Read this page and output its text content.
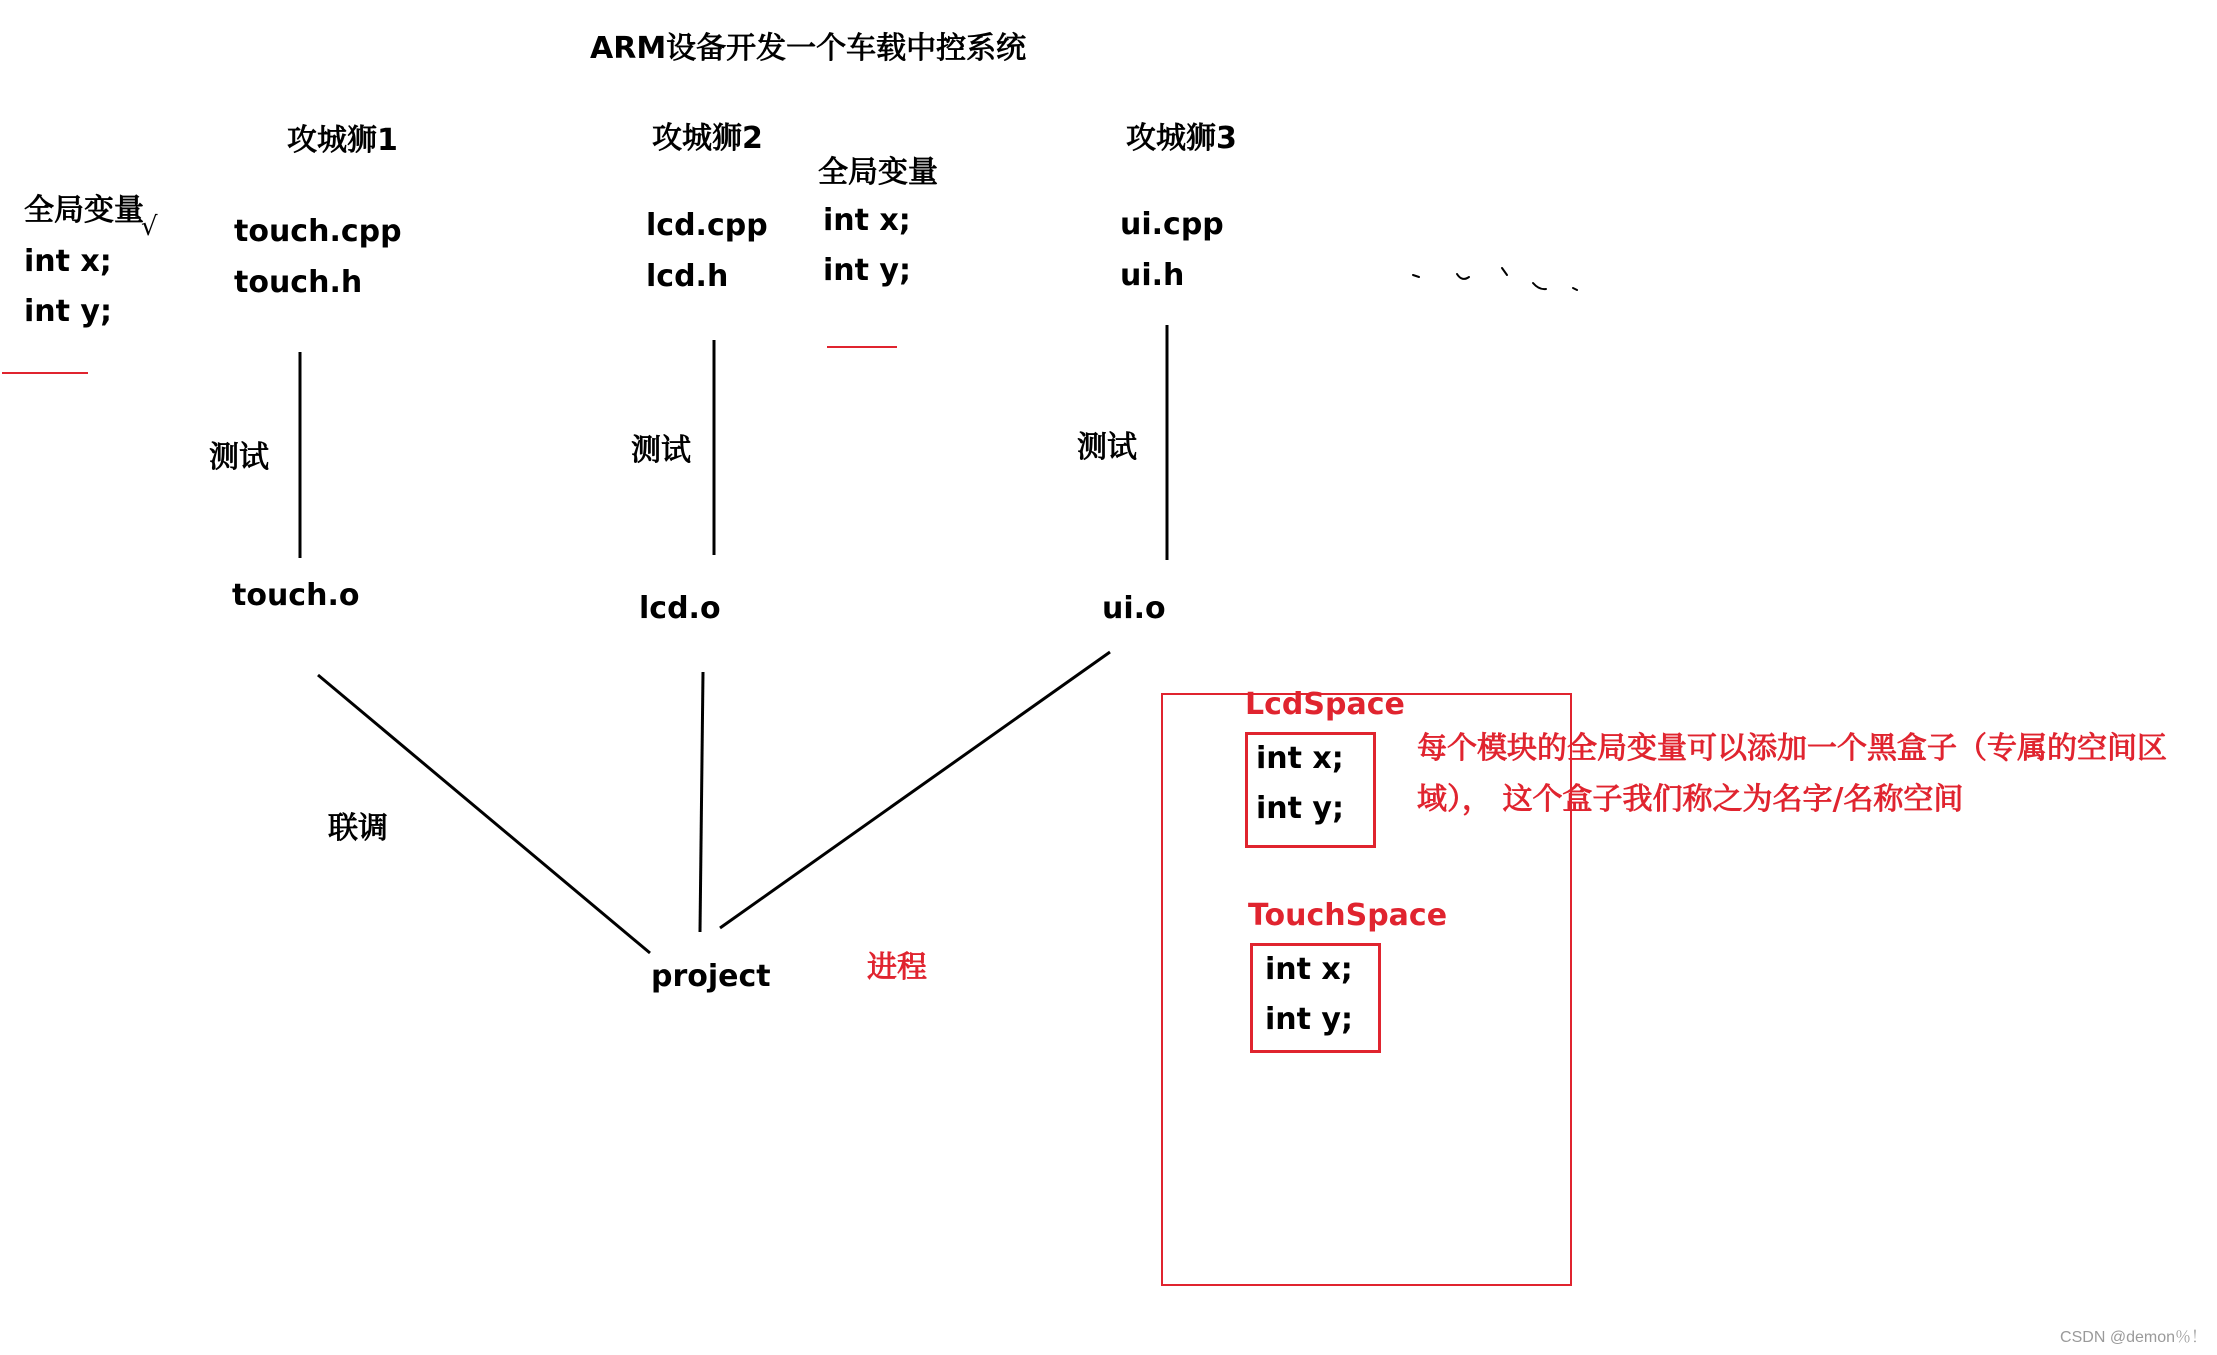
ARM设备开发一个车载中控系统
全局变量
√
int x;
int y;
攻城狮1
touch.cpp
touch.h
测试
touch.o
攻城狮2
lcd.cpp
lcd.h
测试
lcd.o
全局变量
int x;
int y;
攻城狮3
ui.cpp
ui.h
测试
ui.o
联调
project	进程
LcdSpace
int x;
int y;
TouchSpace
int x;
int y;
每个模块的全局变量可以添加一个黑盒子（专属的空间区
域）， 这个盒子我们称之为名字/名称空间
CSDN @demon％！
